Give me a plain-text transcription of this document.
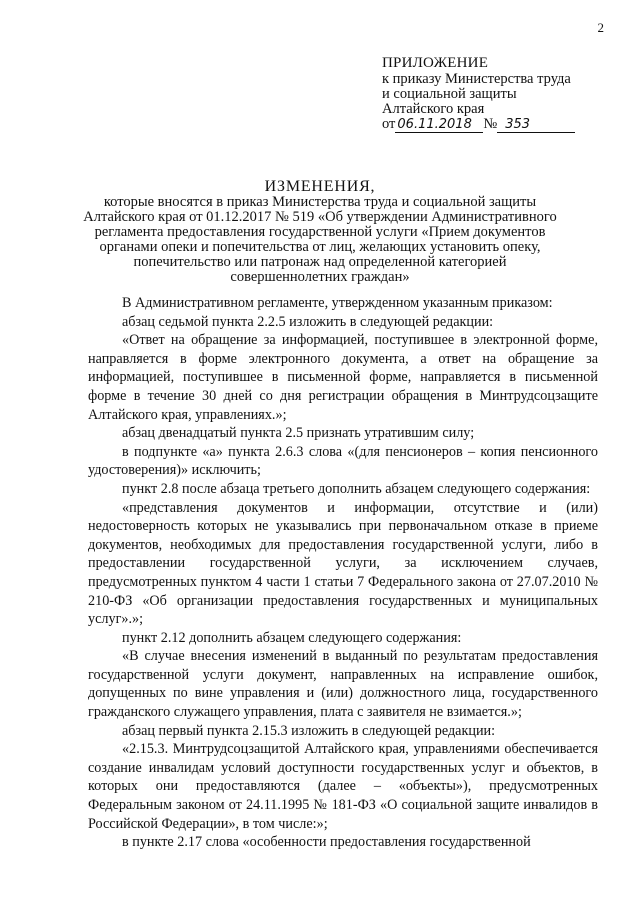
2
ПРИЛОЖЕНИЕ
к приказу Министерства труда
и социальной защиты
Алтайского края
от 06.11.2018 № 353
ИЗМЕНЕНИЯ,
которые вносятся в приказ Министерства труда и социальной защиты Алтайского края от 01.12.2017 № 519 «Об утверждении Административного регламента предоставления государственной услуги «Прием документов органами опеки и попечительства от лиц, желающих установить опеку, попечительство или патронаж над определенной категорией совершеннолетних граждан»

В Административном регламенте, утвержденном указанным приказом:

абзац седьмой пункта 2.2.5 изложить в следующей редакции:

«Ответ на обращение за информацией, поступившее в электронной форме, направляется в форме электронного документа, а ответ на обращение за информацией, поступившее в письменной форме, направляется в письменной форме в течение 30 дней со дня регистрации обращения в Минтрудсоцзащите Алтайского края, управлениях.»;

абзац двенадцатый пункта 2.5 признать утратившим силу;

в подпункте «а» пункта 2.6.3 слова «(для пенсионеров – копия пенсионного удостоверения)» исключить;

пункт 2.8 после абзаца третьего дополнить абзацем следующего содержания:

«представления документов и информации, отсутствие и (или) недостоверность которых не указывались при первоначальном отказе в приеме документов, необходимых для предоставления государственной услуги, либо в предоставлении государственной услуги, за исключением случаев, предусмотренных пунктом 4 части 1 статьи 7 Федерального закона от 27.07.2010 № 210-ФЗ «Об организации предоставления государственных и муниципальных услуг».»;

пункт 2.12 дополнить абзацем следующего содержания:

«В случае внесения изменений в выданный по результатам предоставления государственной услуги документ, направленных на исправление ошибок, допущенных по вине управления и (или) должностного лица, государственного гражданского служащего управления, плата с заявителя не взимается.»;

абзац первый пункта 2.15.3 изложить в следующей редакции:

«2.15.3. Минтрудсоцзащитой Алтайского края, управлениями обеспечивается создание инвалидам условий доступности государственных услуг и объектов, в которых они предоставляются (далее – «объекты»), предусмотренных Федеральным законом от 24.11.1995 № 181-ФЗ «О социальной защите инвалидов в Российской Федерации», в том числе:»;

в пункте 2.17 слова «особенности предоставления государственной
